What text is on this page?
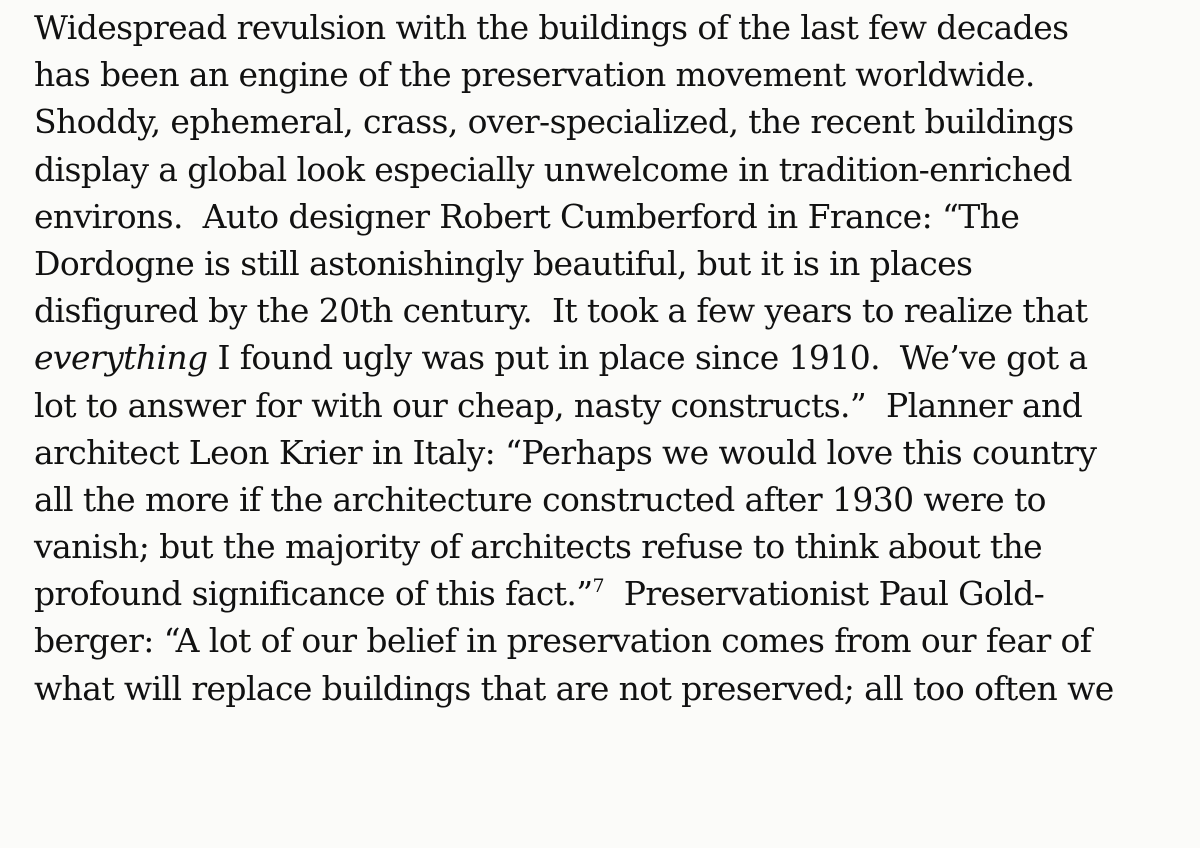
Widespread revulsion with the buildings of the last few decades
has been an engine of the preservation movement worldwide.
Shoddy, ephemeral, crass, over-specialized, the recent buildings
display a global look especially unwelcome in tradition-enriched
environs.  Auto designer Robert Cumberford in France: “The
Dordogne is still astonishingly beautiful, but it is in places
disfigured by the 20th century.  It took a few years to realize that
everything I found ugly was put in place since 1910.  We’ve got a
lot to answer for with our cheap, nasty constructs.”  Planner and
architect Leon Krier in Italy: “Perhaps we would love this country
all the more if the architecture constructed after 1930 were to
vanish; but the majority of architects refuse to think about the
profound significance of this fact.”$^7$  Preservationist Paul Gold-
berger: “A lot of our belief in preservation comes from our fear of
what will replace buildings that are not preserved; all too often we
